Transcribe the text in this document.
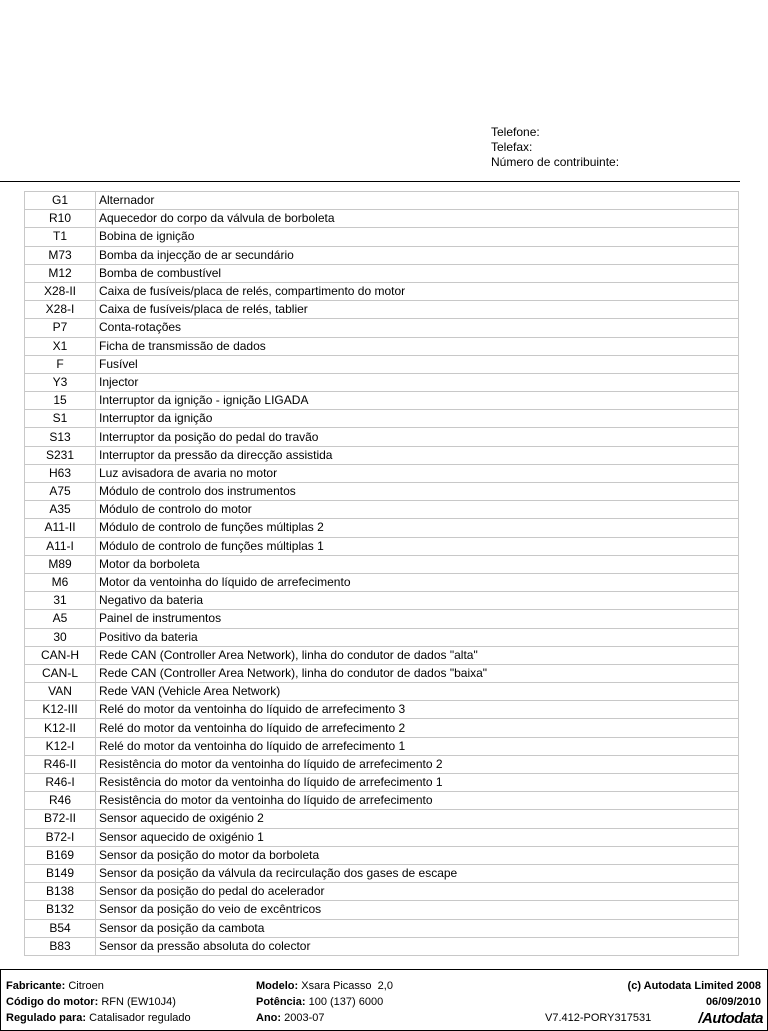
Telefone:
Telefax:
Número de contribuinte:
G1	Alternador
R10	Aquecedor do corpo da válvula de borboleta
T1	Bobina de ignição
M73	Bomba da injecção de ar secundário
M12	Bomba de combustível
X28-II	Caixa de fusíveis/placa de relés, compartimento do motor
X28-I	Caixa de fusíveis/placa de relés, tablier
P7	Conta-rotações
X1	Ficha de transmissão de dados
F	Fusível
Y3	Injector
15	Interruptor da ignição - ignição LIGADA
S1	Interruptor da ignição
S13	Interruptor da posição do pedal do travão
S231	Interruptor da pressão da direcção assistida
H63	Luz avisadora de avaria no motor
A75	Módulo de controlo dos instrumentos
A35	Módulo de controlo do motor
A11-II	Módulo de controlo de funções múltiplas 2
A11-I	Módulo de controlo de funções múltiplas 1
M89	Motor da borboleta
M6	Motor da ventoinha do líquido de arrefecimento
31	Negativo da bateria
A5	Painel de instrumentos
30	Positivo da bateria
CAN-H	Rede CAN (Controller Area Network), linha do condutor de dados "alta"
CAN-L	Rede CAN (Controller Area Network), linha do condutor de dados "baixa"
VAN	Rede VAN (Vehicle Area Network)
K12-III	Relé do motor da ventoinha do líquido de arrefecimento 3
K12-II	Relé do motor da ventoinha do líquido de arrefecimento 2
K12-I	Relé do motor da ventoinha do líquido de arrefecimento 1
R46-II	Resistência do motor da ventoinha do líquido de arrefecimento 2
R46-I	Resistência do motor da ventoinha do líquido de arrefecimento 1
R46	Resistência do motor da ventoinha do líquido de arrefecimento
B72-II	Sensor aquecido de oxigénio 2
B72-I	Sensor aquecido de oxigénio 1
B169	Sensor da posição do motor da borboleta
B149	Sensor da posição da válvula da recirculação dos gases de escape
B138	Sensor da posição do pedal do acelerador
B132	Sensor da posição do veio de excêntricos
B54	Sensor da posição da cambota
B83	Sensor da pressão absoluta do colector
Fabricante: Citroen
Código do motor: RFN (EW10J4)
Regulado para: Catalisador regulado
Modelo: Xsara Picasso  2,0
Potência: 100 (137) 6000
Ano: 2003-07
(c) Autodata Limited 2008
06/09/2010
V7.412-PORY317531	/Autodata
